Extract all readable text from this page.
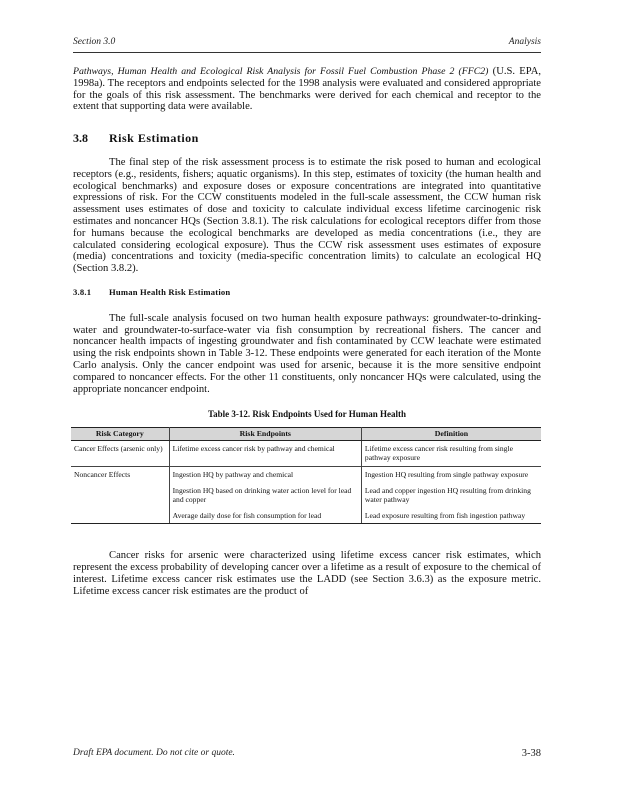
Section 3.0	Analysis

Pathways, Human Health and Ecological Risk Analysis for Fossil Fuel Combustion Phase 2 (FFC2) (U.S. EPA, 1998a). The receptors and endpoints selected for the 1998 analysis were evaluated and considered appropriate for the goals of this risk assessment. The benchmarks were derived for each chemical and receptor to the extent that supporting data were available.

3.8 Risk Estimation

The final step of the risk assessment process is to estimate the risk posed to human and ecological receptors (e.g., residents, fishers; aquatic organisms). In this step, estimates of toxicity (the human health and ecological benchmarks) and exposure doses or exposure concentrations are integrated into quantitative expressions of risk. For the CCW constituents modeled in the full-scale assessment, the CCW human risk assessment uses estimates of dose and toxicity to calculate individual excess lifetime carcinogenic risk estimates and noncancer HQs (Section 3.8.1). The risk calculations for ecological receptors differ from those for humans because the ecological benchmarks are developed as media concentrations (i.e., they are calculated considering ecological exposure). Thus the CCW risk assessment uses estimates of exposure (media) concentrations and toxicity (media-specific concentration limits) to calculate an ecological HQ (Section 3.8.2).

3.8.1 Human Health Risk Estimation

The full-scale analysis focused on two human health exposure pathways: groundwater-to-drinking-water and groundwater-to-surface-water via fish consumption by recreational fishers. The cancer and noncancer health impacts of ingesting groundwater and fish contaminated by CCW leachate were estimated using the risk endpoints shown in Table 3-12. These endpoints were generated for each iteration of the Monte Carlo analysis. Only the cancer endpoint was used for arsenic, because it is the more sensitive endpoint compared to noncancer effects. For the other 11 constituents, only noncancer HQs were calculated, using the appropriate noncancer endpoint.

Table 3-12. Risk Endpoints Used for Human Health
Risk Category	Risk Endpoints	Definition
Cancer Effects (arsenic only)	Lifetime excess cancer risk by pathway and chemical	Lifetime excess cancer risk resulting from single pathway exposure
Noncancer Effects	Ingestion HQ by pathway and chemical	Ingestion HQ resulting from single pathway exposure
	Ingestion HQ based on drinking water action level for lead and copper	Lead and copper ingestion HQ resulting from drinking water pathway
	Average daily dose for fish consumption for lead	Lead exposure resulting from fish ingestion pathway

Cancer risks for arsenic were characterized using lifetime excess cancer risk estimates, which represent the excess probability of developing cancer over a lifetime as a result of exposure to the chemical of interest. Lifetime excess cancer risk estimates use the LADD (see Section 3.6.3) as the exposure metric. Lifetime excess cancer risk estimates are the product of

Draft EPA document. Do not cite or quote.	3-38
